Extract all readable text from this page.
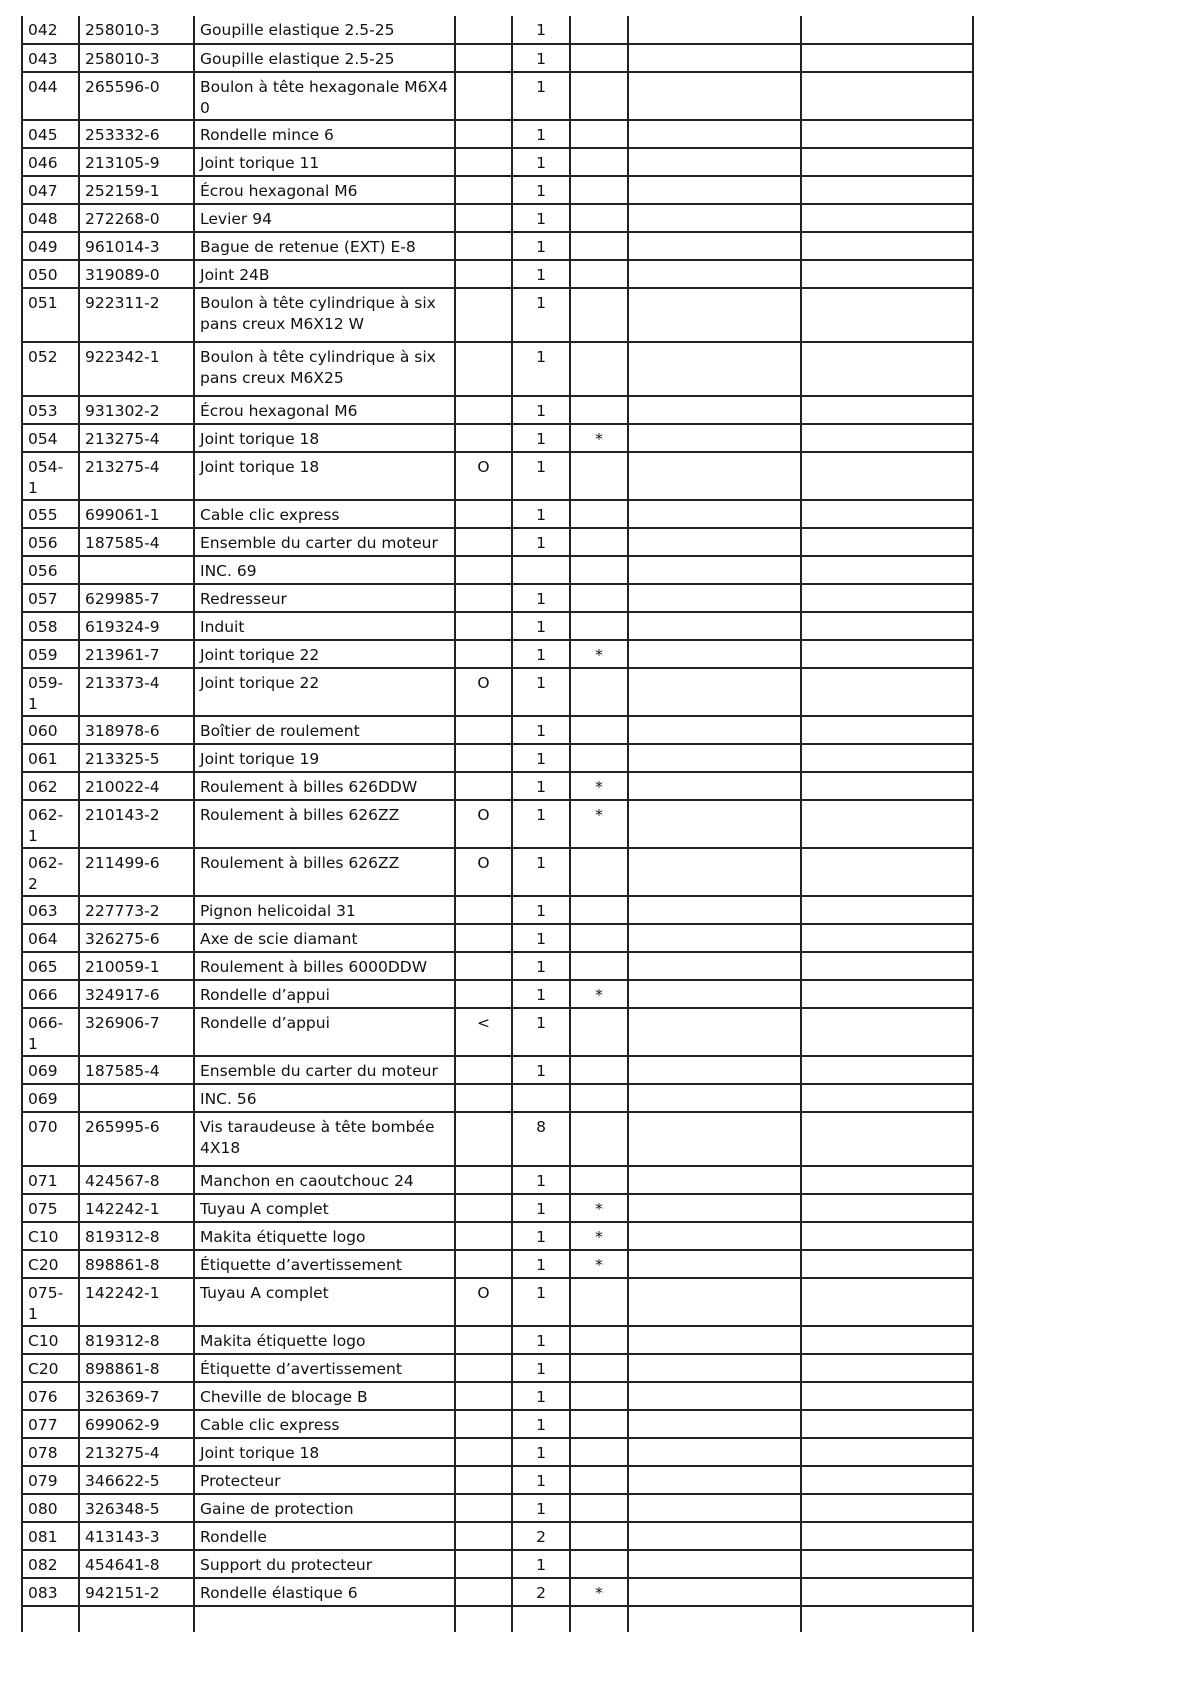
042	258010-3	Goupille elastique 2.5-25		1			
043	258010-3	Goupille elastique 2.5-25		1			
044	265596-0	Boulon à tête hexagonale M6X40		1			
045	253332-6	Rondelle mince 6		1			
046	213105-9	Joint torique 11		1			
047	252159-1	Écrou hexagonal M6		1			
048	272268-0	Levier 94		1			
049	961014-3	Bague de retenue (EXT) E-8		1			
050	319089-0	Joint 24B		1			
051	922311-2	Boulon à tête cylindrique à six pans creux M6X12 W		1			
052	922342-1	Boulon à tête cylindrique à six pans creux M6X25		1			
053	931302-2	Écrou hexagonal M6		1			
054	213275-4	Joint torique 18		1	*		
054-1	213275-4	Joint torique 18	O	1			
055	699061-1	Cable clic express		1			
056	187585-4	Ensemble du carter du moteur		1			
056		INC. 69					
057	629985-7	Redresseur		1			
058	619324-9	Induit		1			
059	213961-7	Joint torique 22		1	*		
059-1	213373-4	Joint torique 22	O	1			
060	318978-6	Boîtier de roulement		1			
061	213325-5	Joint torique 19		1			
062	210022-4	Roulement à billes 626DDW		1	*		
062-1	210143-2	Roulement à billes 626ZZ	O	1	*		
062-2	211499-6	Roulement à billes 626ZZ	O	1			
063	227773-2	Pignon helicoidal 31		1			
064	326275-6	Axe de scie diamant		1			
065	210059-1	Roulement à billes 6000DDW		1			
066	324917-6	Rondelle d’appui		1	*		
066-1	326906-7	Rondelle d’appui	<	1			
069	187585-4	Ensemble du carter du moteur		1			
069		INC. 56					
070	265995-6	Vis taraudeuse à tête bombée 4X18		8			
071	424567-8	Manchon en caoutchouc 24		1			
075	142242-1	Tuyau A complet		1	*		
C10	819312-8	Makita étiquette logo		1	*		
C20	898861-8	Étiquette d’avertissement		1	*		
075-1	142242-1	Tuyau A complet	O	1			
C10	819312-8	Makita étiquette logo		1			
C20	898861-8	Étiquette d’avertissement		1			
076	326369-7	Cheville de blocage B		1			
077	699062-9	Cable clic express		1			
078	213275-4	Joint torique 18		1			
079	346622-5	Protecteur		1			
080	326348-5	Gaine de protection		1			
081	413143-3	Rondelle		2			
082	454641-8	Support du protecteur		1			
083	942151-2	Rondelle élastique 6		2	*		
